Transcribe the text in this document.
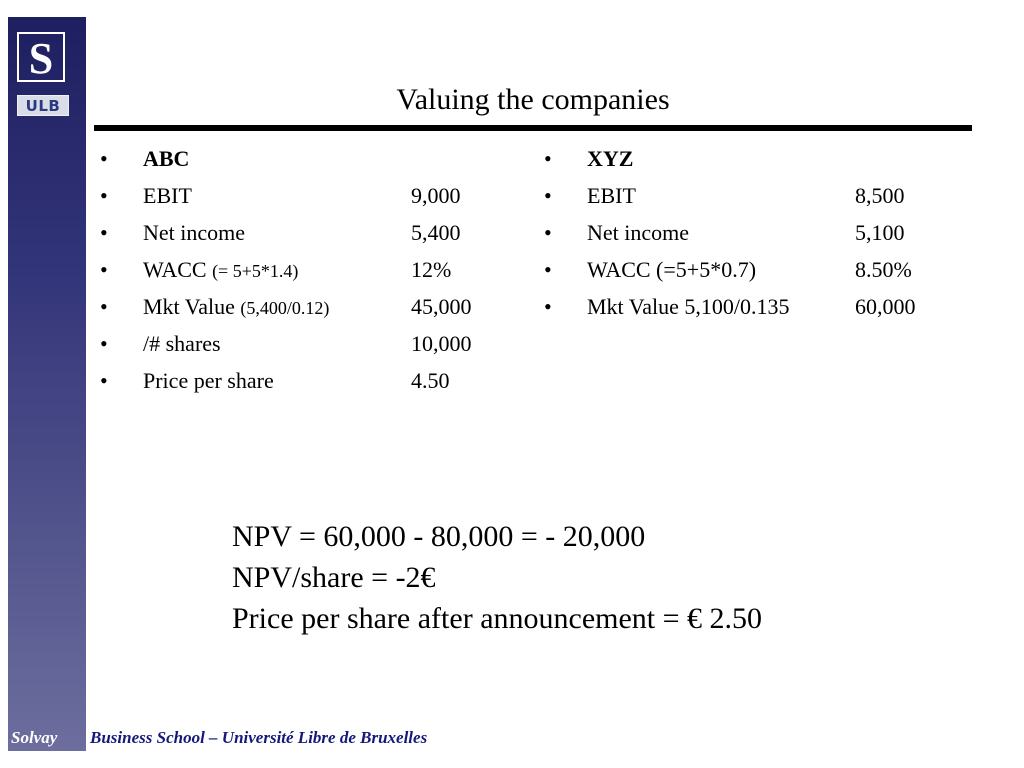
S
ULB	Valuing the companies
• ABC
• EBIT	9,000
• Net income	5,400
• WACC (= 5+5*1.4)	12%
• Mkt Value (5,400/0.12)	45,000
• /# shares	10,000
• Price per share	4.50
• XYZ
• EBIT	8,500
• Net income	5,100
• WACC (=5+5*0.7)	8.50%
• Mkt Value 5,100/0.135	60,000
NPV = 60,000 - 80,000 = - 20,000
NPV/share = -2€
Price per share after announcement = € 2.50
Solvay Business School – Université Libre de Bruxelles
